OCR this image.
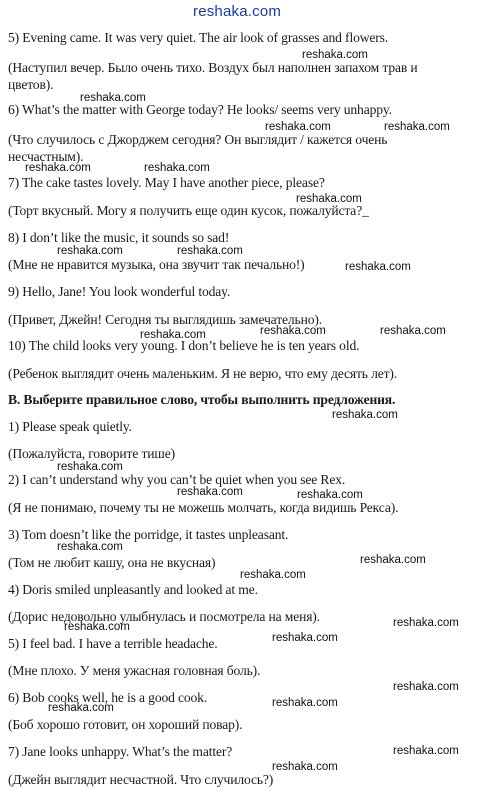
reshaka.com
5) Evening came. It was very quiet. The air look of grasses and flowers.
(Наступил вечер. Было очень тихо. Воздух был наполнен запахом трав и
цветов).
6) What’s the matter with George today? He looks/ seems very unhappy.
(Что случилось с Джорджем сегодня? Он выглядит / кажется очень
несчастным).
7) The cake tastes lovely. May I have another piece, please?
(Торт вкусный. Могу я получить еще один кусок, пожалуйста?_
8) I don’t like the music, it sounds so sad!
(Мне не нравится музыка, она звучит так печально!)
9) Hello, Jane! You look wonderful today.
(Привет, Джейн! Сегодня ты выглядишь замечательно).
10) The child looks very young. I don’t believe he is ten years old.
(Ребенок выглядит очень маленьким. Я не верю, что ему десять лет).
B. Выберите правильное слово, чтобы выполнить предложения.
1) Please speak quietly.
(Пожалуйста, говорите тише)
2) I can’t understand why you can’t be quiet when you see Rex.
(Я не понимаю, почему ты не можешь молчать, когда видишь Рекса).
3) Tom doesn’t like the porridge, it tastes unpleasant.
(Том не любит кашу, она не вкусная)
4) Doris smiled unpleasantly and looked at me.
(Дорис недовольно улыбнулась и посмотрела на меня).
5) I feel bad. I have a terrible headache.
(Мне плохо. У меня ужасная головная боль).
6) Bob cooks well, he is a good cook.
(Боб хорошо готовит, он хороший повар).
7) Jane looks unhappy. What’s the matter?
(Джейн выглядит несчастной. Что случилось?)
reshaka.com
reshaka.com
reshaka.com	reshaka.com
reshaka.com	reshaka.com
reshaka.com
reshaka.com	reshaka.com
reshaka.com
reshaka.com	reshaka.com	reshaka.com
reshaka.com
reshaka.com
reshaka.com	reshaka.com
reshaka.com
reshaka.com
reshaka.com
reshaka.com
reshaka.com
reshaka.com
reshaka.com
reshaka.com
reshaka.com
reshaka.com
reshaka.com
